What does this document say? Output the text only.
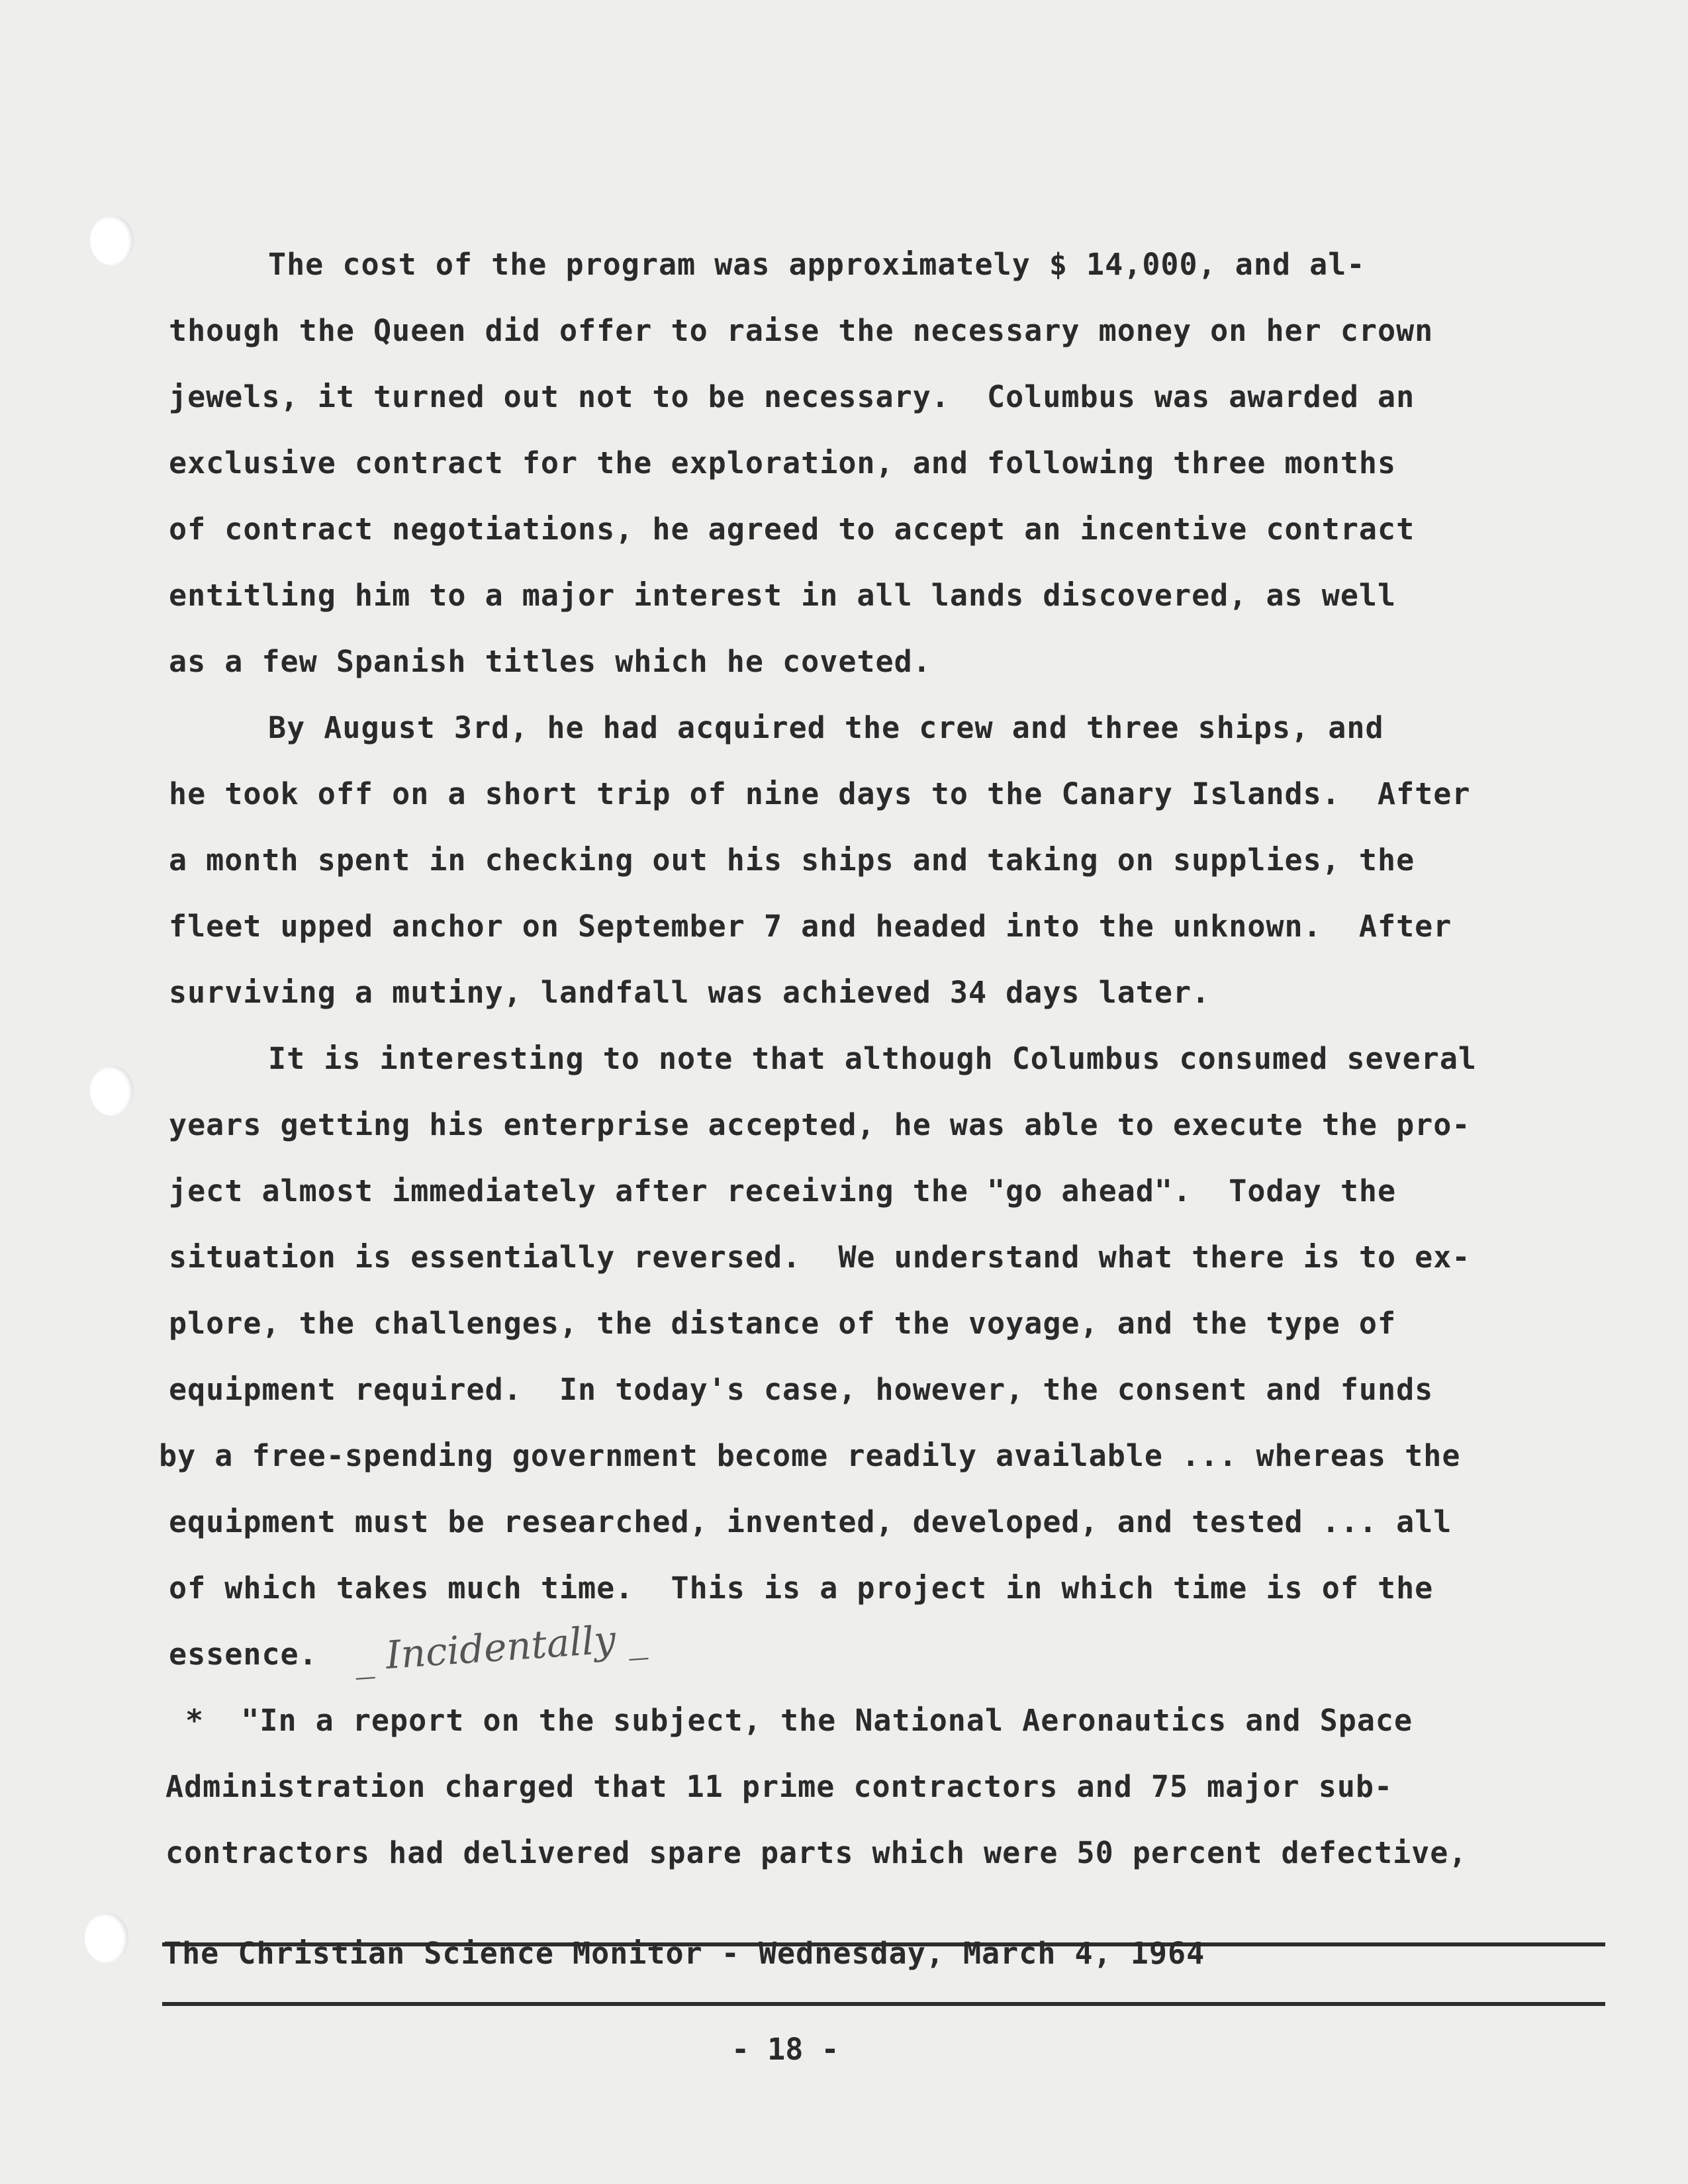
The cost of the program was approximately $ 14,000, and al-
though the Queen did offer to raise the necessary money on her crown
jewels, it turned out not to be necessary.  Columbus was awarded an
exclusive contract for the exploration, and following three months
of contract negotiations, he agreed to accept an incentive contract
entitling him to a major interest in all lands discovered, as well
as a few Spanish titles which he coveted.
By August 3rd, he had acquired the crew and three ships, and
he took off on a short trip of nine days to the Canary Islands.  After
a month spent in checking out his ships and taking on supplies, the
fleet upped anchor on September 7 and headed into the unknown.  After
surviving a mutiny, landfall was achieved 34 days later.
It is interesting to note that although Columbus consumed several
years getting his enterprise accepted, he was able to execute the pro-
ject almost immediately after receiving the "go ahead".  Today the
situation is essentially reversed.  We understand what there is to ex-
plore, the challenges, the distance of the voyage, and the type of
equipment required.  In today's case, however, the consent and funds
by a free-spending government become readily available ... whereas the
equipment must be researched, invented, developed, and tested ... all
of which takes much time.  This is a project in which time is of the
essence. _ Incidentally _
*  "In a report on the subject, the National Aeronautics and Space
Administration charged that 11 prime contractors and 75 major sub-
contractors had delivered spare parts which were 50 percent defective,
The Christian Science Monitor - Wednesday, March 4, 1964
- 18 -
